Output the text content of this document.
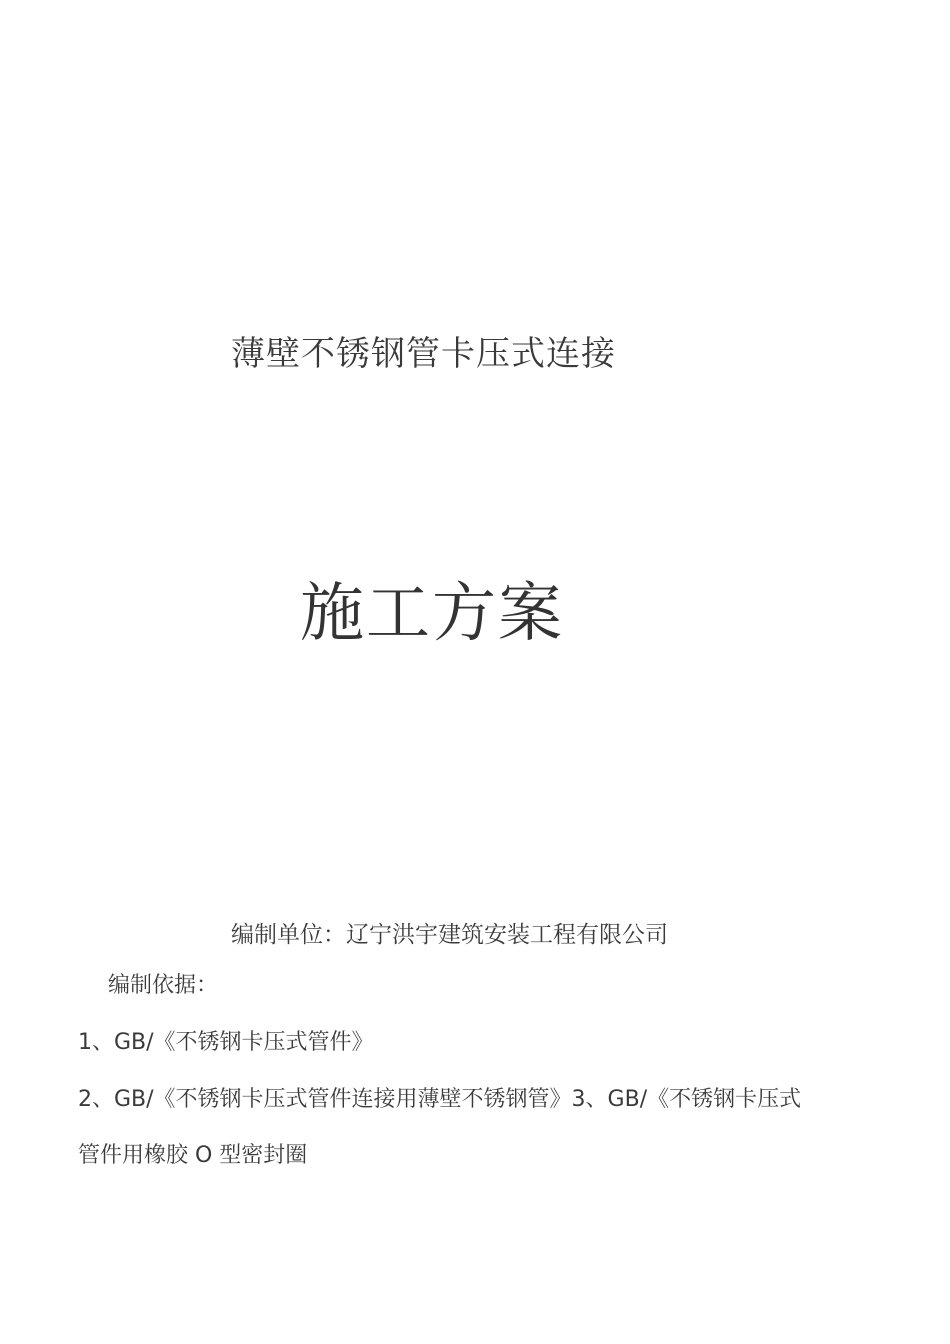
薄壁不锈钢管卡压式连接
施工方案
编制单位：辽宁洪宇建筑安装工程有限公司
编制依据：
1、GB/《不锈钢卡压式管件》
2、GB/《不锈钢卡压式管件连接用薄壁不锈钢管》3、GB/《不锈钢卡压式
管件用橡胶 O 型密封圈
